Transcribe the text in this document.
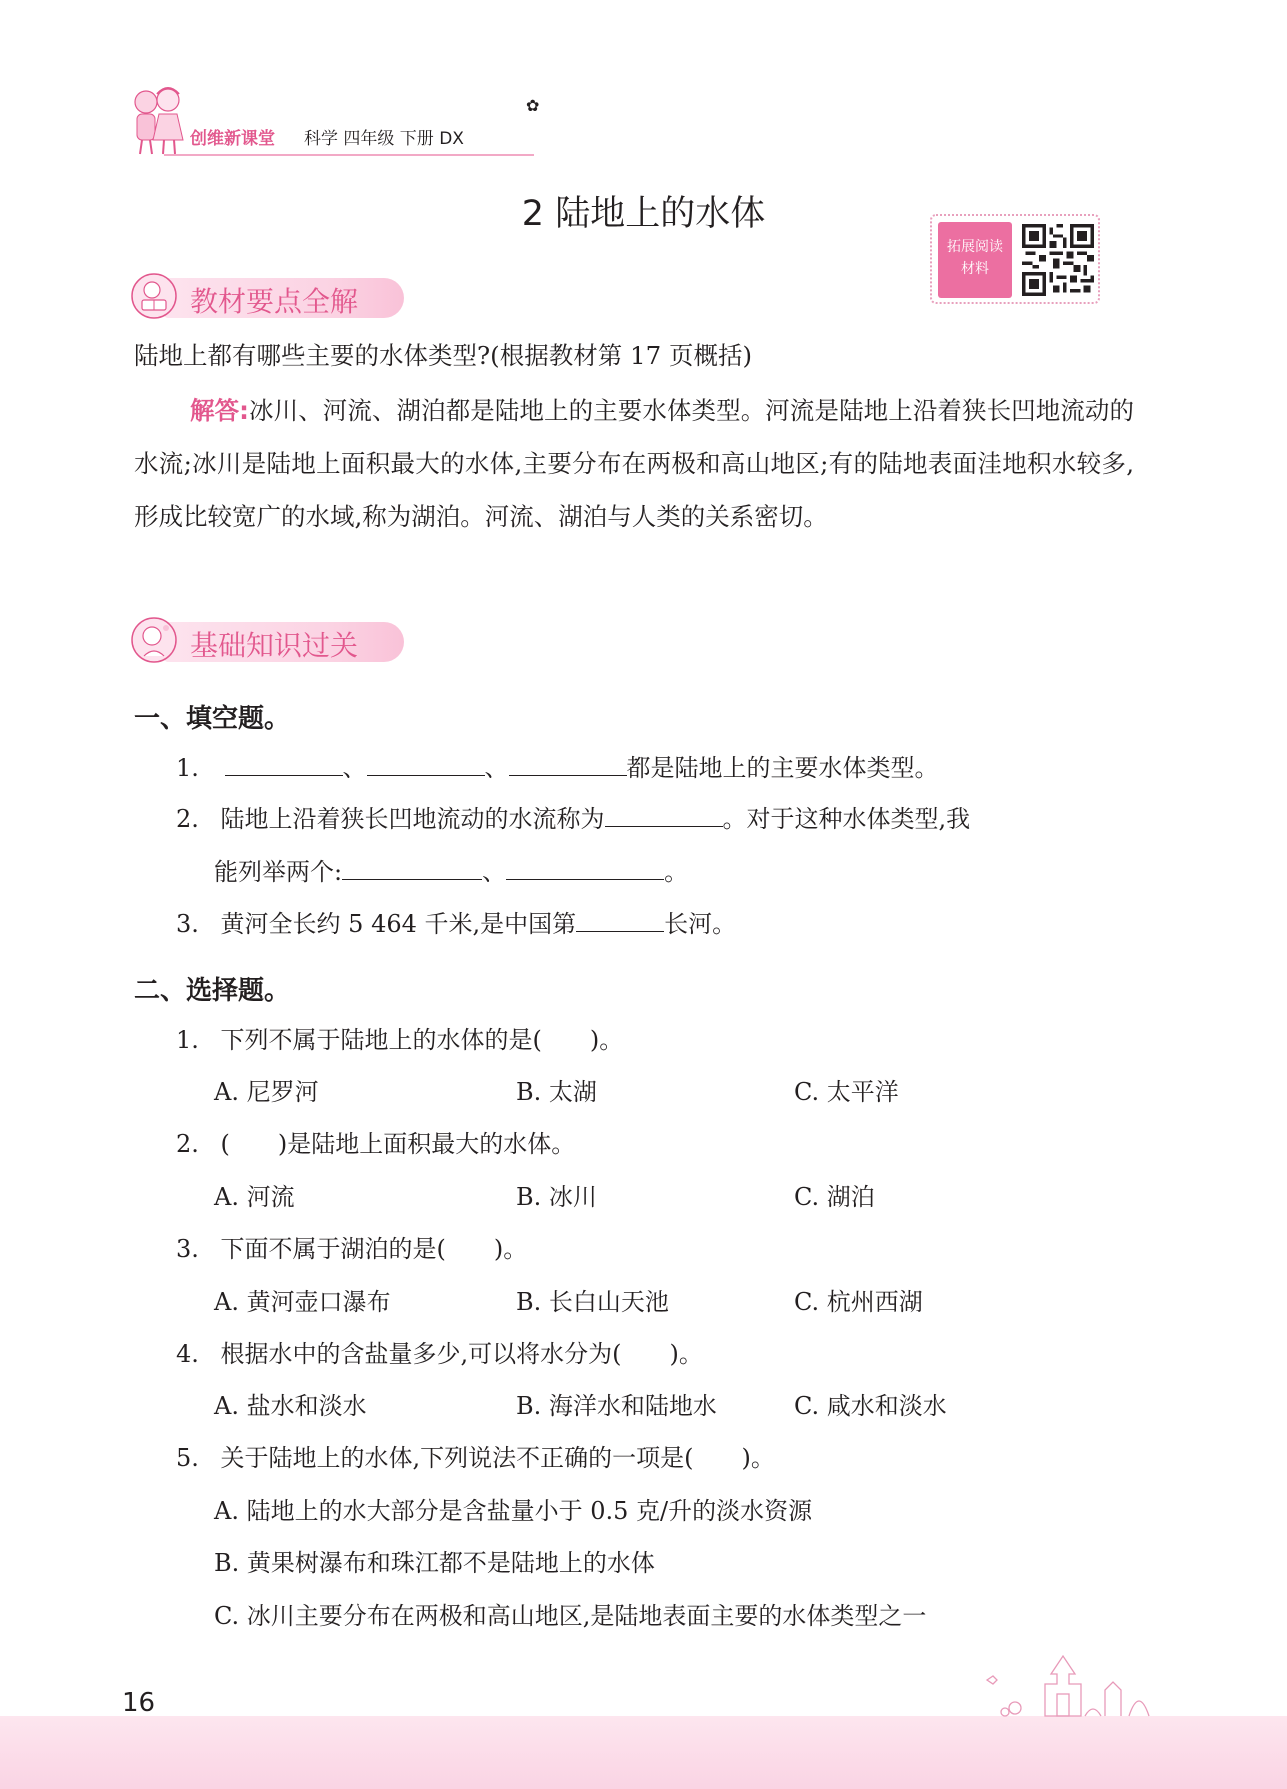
创维新课堂 科学 四年级 下册 DX
✿
2 陆地上的水体
拓展阅读
材料
教材要点全解
陆地上都有哪些主要的水体类型?(根据教材第 17 页概括)
解答:冰川、河流、湖泊都是陆地上的主要水体类型。河流是陆地上沿着狭长凹地流动的水流;冰川是陆地上面积最大的水体,主要分布在两极和高山地区;有的陆地表面洼地积水较多,形成比较宽广的水域,称为湖泊。河流、湖泊与人类的关系密切。
基础知识过关
一、填空题。
1.	、	、	都是陆地上的主要水体类型。
2. 陆地上沿着狭长凹地流动的水流称为	。对于这种水体类型,我
能列举两个:	、	。
3. 黄河全长约 5 464 千米,是中国第	长河。
二、选择题。
1. 下列不属于陆地上的水体的是(　　)。
A. 尼罗河	B. 太湖	C. 太平洋
2. (　　)是陆地上面积最大的水体。
A. 河流	B. 冰川	C. 湖泊
3. 下面不属于湖泊的是(　　)。
A. 黄河壶口瀑布	B. 长白山天池	C. 杭州西湖
4. 根据水中的含盐量多少,可以将水分为(　　)。
A. 盐水和淡水	B. 海洋水和陆地水	C. 咸水和淡水
5. 关于陆地上的水体,下列说法不正确的一项是(　　)。
A. 陆地上的水大部分是含盐量小于 0.5 克/升的淡水资源
B. 黄果树瀑布和珠江都不是陆地上的水体
C. 冰川主要分布在两极和高山地区,是陆地表面主要的水体类型之一
16
